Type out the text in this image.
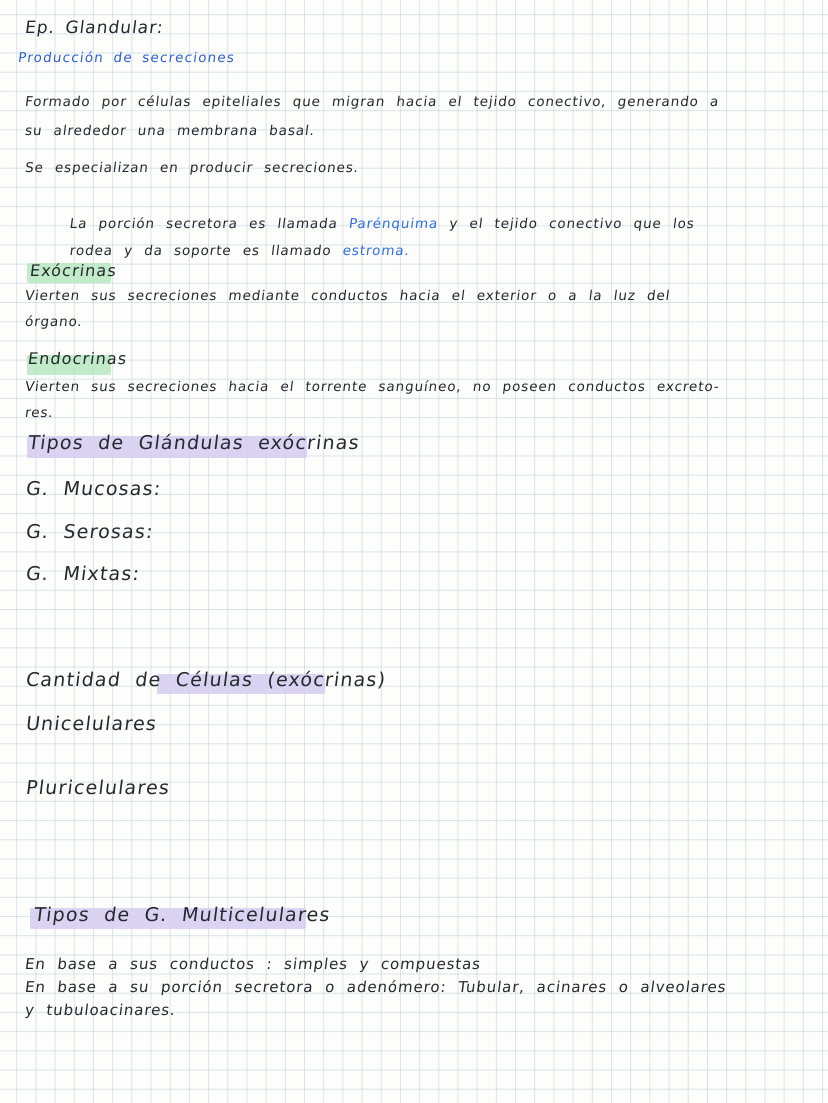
Ep. Glandular:
Producción de secreciones
Formado por células epiteliales que migran hacia el tejido conectivo, generando a
su alrededor una membrana basal.
Se especializan en producir secreciones.

La porción secretora es llamada Parénquima y el tejido conectivo que los

rodea y da soporte es llamado estroma.

Exócrinas
Vierten sus secreciones mediante conductos hacia el exterior o a la luz del
órgano.
Endocrinas
Vierten sus secreciones hacia el torrente sanguíneo, no poseen conductos excreto-
res.
Tipos de Glándulas exócrinas
G. Mucosas:
G. Serosas:
G. Mixtas:
Cantidad de Células (exócrinas)
Unicelulares
Pluricelulares
Tipos de G. Multicelulares
En base a sus conductos : simples y compuestas
En base a su porción secretora o adenómero: Tubular, acinares o alveolares
y tubuloacinares.
